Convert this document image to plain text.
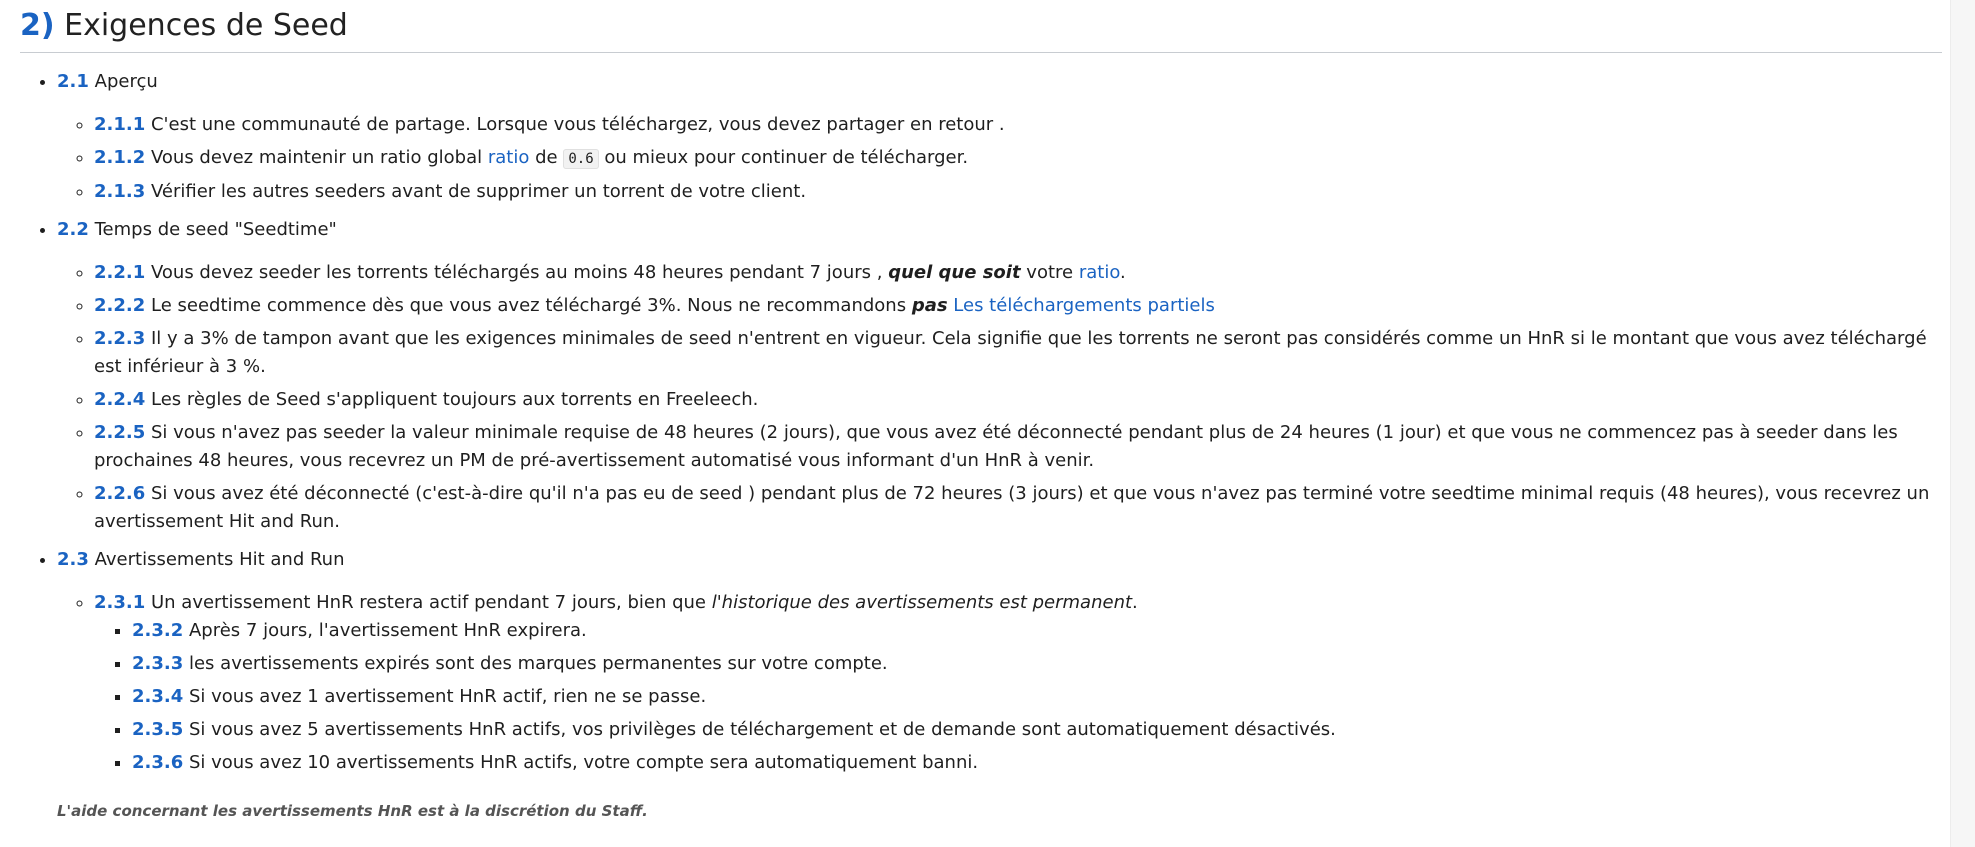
2) Exigences de Seed
• 2.1 Aperçu
◦ 2.1.1 C'est une communauté de partage. Lorsque vous téléchargez, vous devez partager en retour .
◦ 2.1.2 Vous devez maintenir un ratio global ratio de 0.6 ou mieux pour continuer de télécharger.
◦ 2.1.3 Vérifier les autres seeders avant de supprimer un torrent de votre client.
• 2.2 Temps de seed "Seedtime"
◦ 2.2.1 Vous devez seeder les torrents téléchargés au moins 48 heures pendant 7 jours , quel que soit votre ratio.
◦ 2.2.2 Le seedtime commence dès que vous avez téléchargé 3%. Nous ne recommandons pas Les téléchargements partiels
◦ 2.2.3 Il y a 3% de tampon avant que les exigences minimales de seed n'entrent en vigueur. Cela signifie que les torrents ne seront pas considérés comme un HnR si le montant que vous avez téléchargé est inférieur à 3 %.
◦ 2.2.4 Les règles de Seed s'appliquent toujours aux torrents en Freeleech.
◦ 2.2.5 Si vous n'avez pas seeder la valeur minimale requise de 48 heures (2 jours), que vous avez été déconnecté pendant plus de 24 heures (1 jour) et que vous ne commencez pas à seeder dans les prochaines 48 heures, vous recevrez un PM de pré-avertissement automatisé vous informant d'un HnR à venir.
◦ 2.2.6 Si vous avez été déconnecté (c'est-à-dire qu'il n'a pas eu de seed ) pendant plus de 72 heures (3 jours) et que vous n'avez pas terminé votre seedtime minimal requis (48 heures), vous recevrez un avertissement Hit and Run.
• 2.3 Avertissements Hit and Run
◦ 2.3.1 Un avertissement HnR restera actif pendant 7 jours, bien que l'historique des avertissements est permanent.
▪ 2.3.2 Après 7 jours, l'avertissement HnR expirera.
▪ 2.3.3 les avertissements expirés sont des marques permanentes sur votre compte.
▪ 2.3.4 Si vous avez 1 avertissement HnR actif, rien ne se passe.
▪ 2.3.5 Si vous avez 5 avertissements HnR actifs, vos privilèges de téléchargement et de demande sont automatiquement désactivés.
▪ 2.3.6 Si vous avez 10 avertissements HnR actifs, votre compte sera automatiquement banni.
L'aide concernant les avertissements HnR est à la discrétion du Staff.
